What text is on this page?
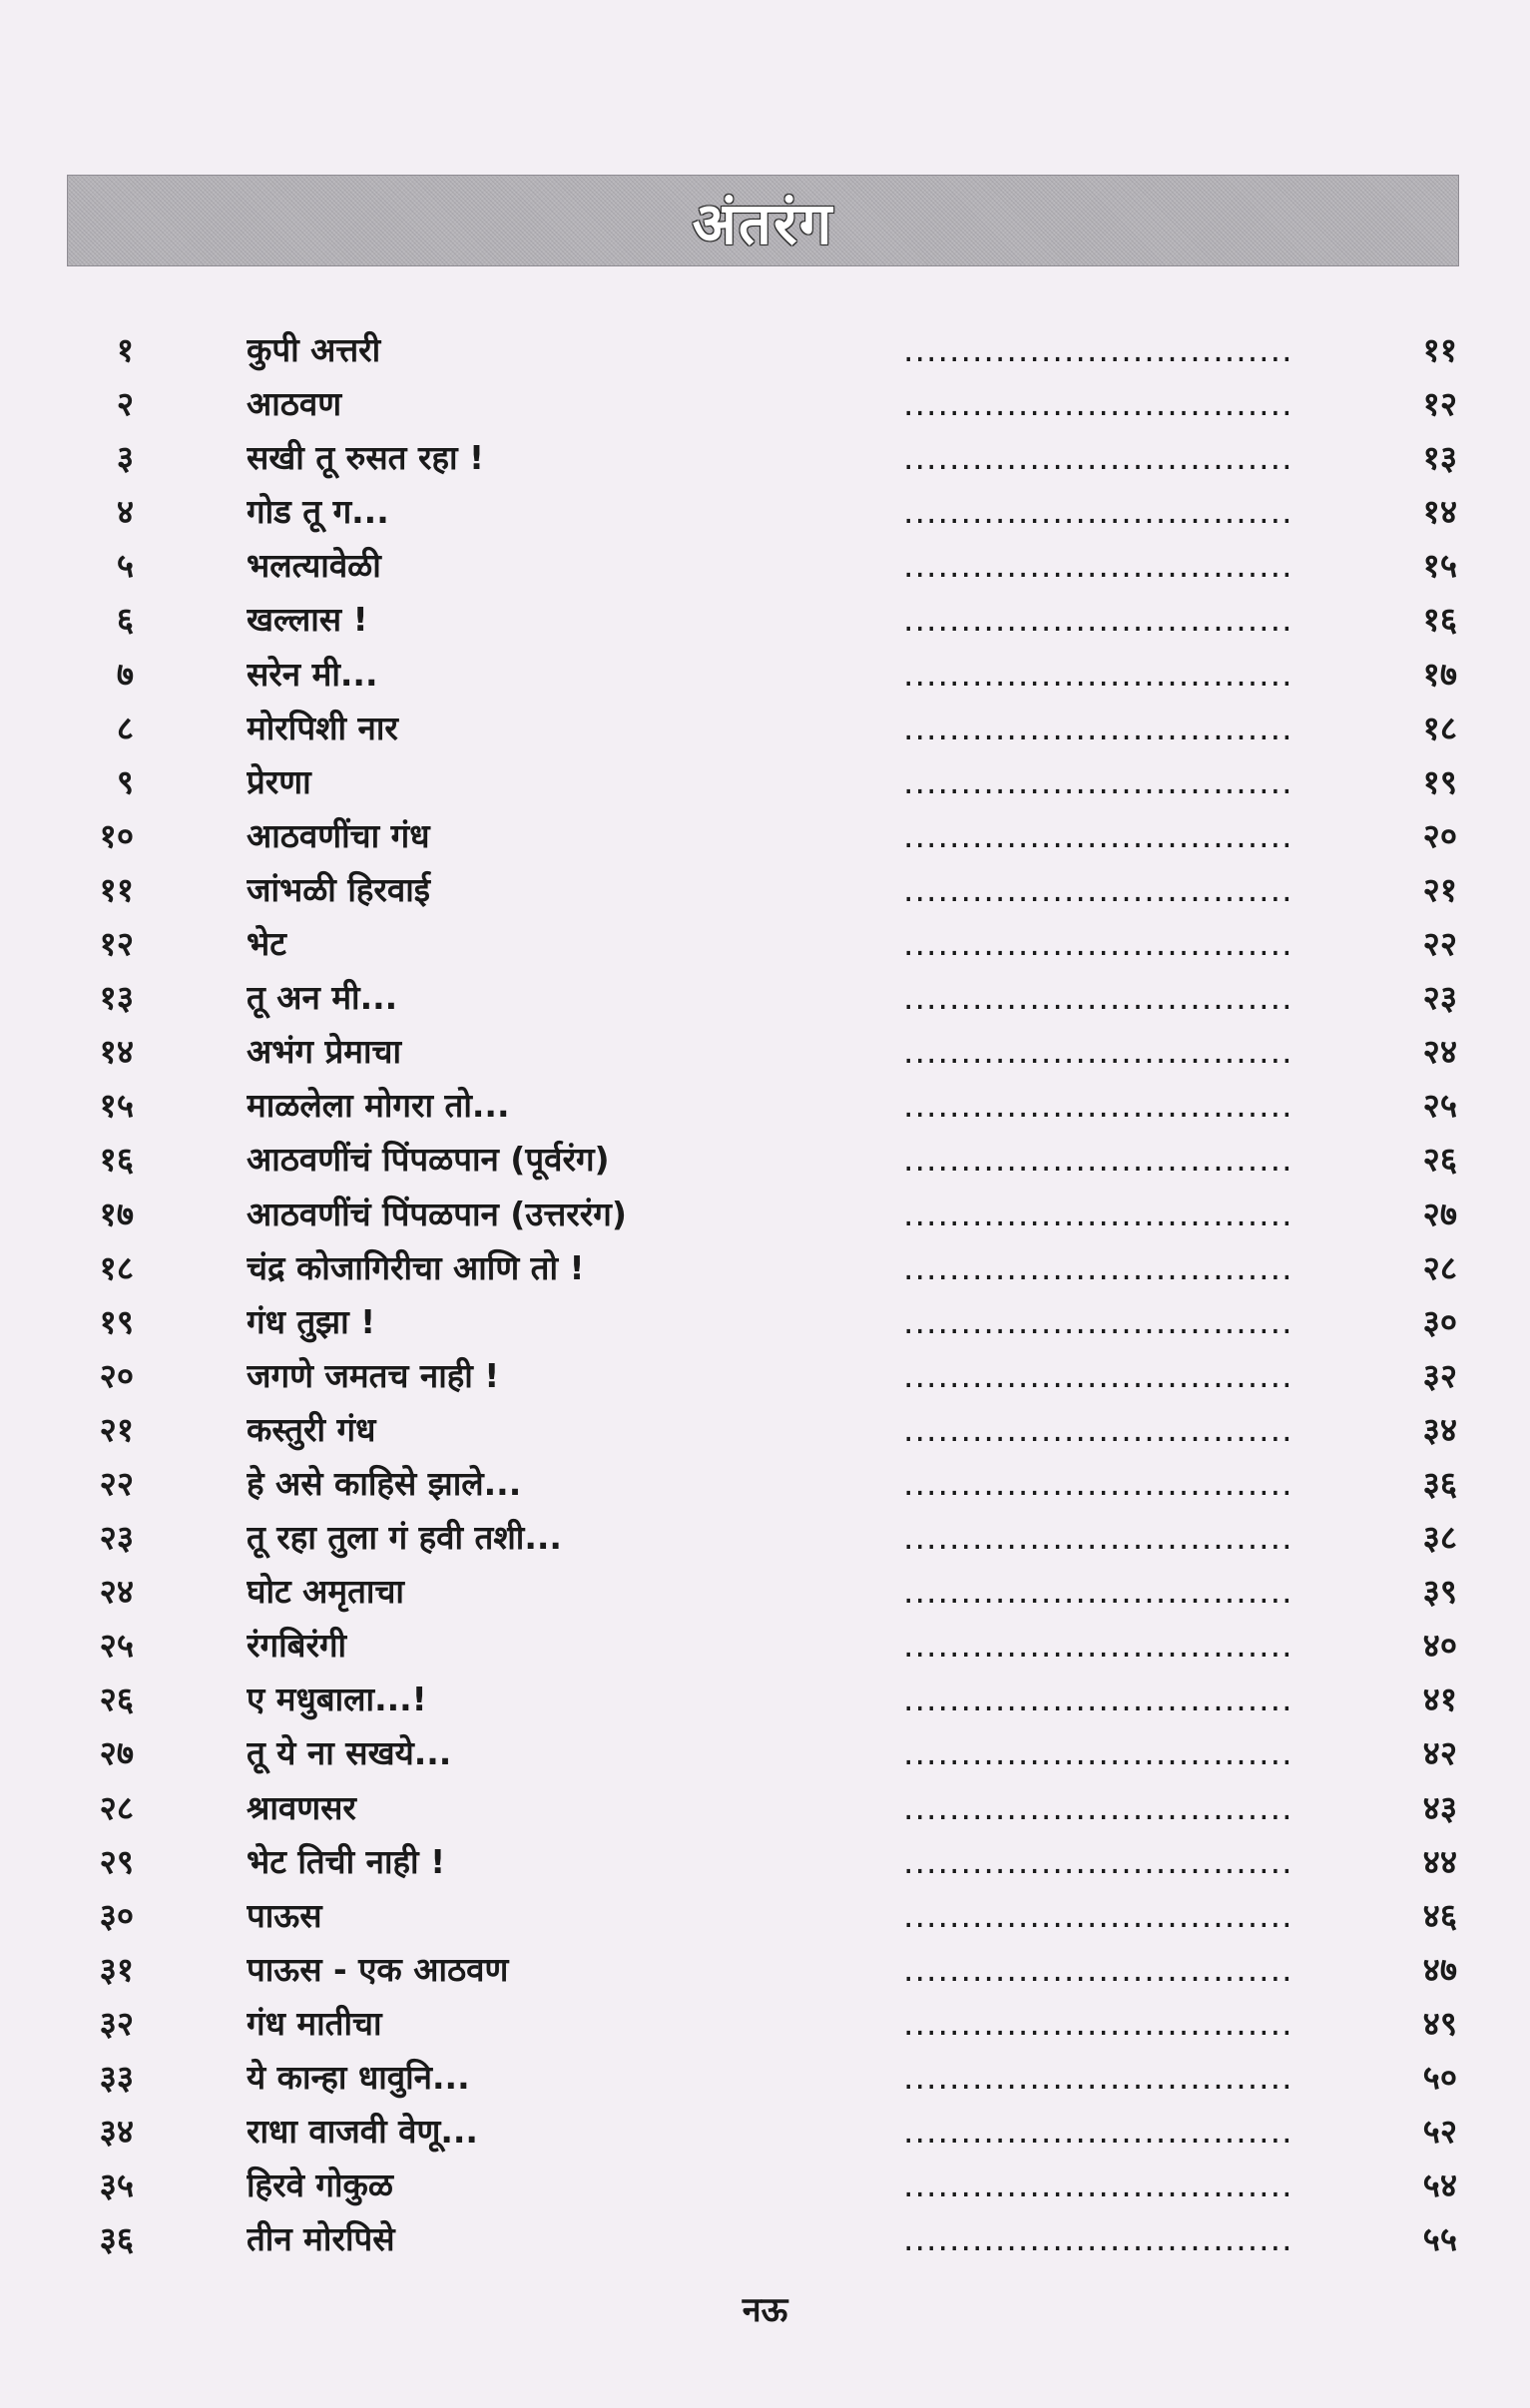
अंतरंग
१	कुपी अत्तरी	..................................	११
२	आठवण	..................................	१२
३	सखी तू रुसत रहा !	..................................	१३
४	गोड तू ग...	..................................	१४
५	भलत्यावेळी	..................................	१५
६	खल्लास !	..................................	१६
७	सरेन मी...	..................................	१७
८	मोरपिशी नार	..................................	१८
९	प्रेरणा	..................................	१९
१०	आठवणींचा गंध	..................................	२०
११	जांभळी हिरवाई	..................................	२१
१२	भेट	..................................	२२
१३	तू अन मी...	..................................	२३
१४	अभंग प्रेमाचा	..................................	२४
१५	माळलेला मोगरा तो...	..................................	२५
१६	आठवणींचं पिंपळपान (पूर्वरंग)	..................................	२६
१७	आठवणींचं पिंपळपान (उत्तररंग)	..................................	२७
१८	चंद्र कोजागिरीचा आणि तो !	..................................	२८
१९	गंध तुझा !	..................................	३०
२०	जगणे जमतच नाही !	..................................	३२
२१	कस्तुरी गंध	..................................	३४
२२	हे असे काहिसे झाले...	..................................	३६
२३	तू रहा तुला गं हवी तशी...	..................................	३८
२४	घोट अमृताचा	..................................	३९
२५	रंगबिरंगी	..................................	४०
२६	ए मधुबाला...!	..................................	४१
२७	तू ये ना सखये...	..................................	४२
२८	श्रावणसर	..................................	४३
२९	भेट तिची नाही !	..................................	४४
३०	पाऊस	..................................	४६
३१	पाऊस - एक आठवण	..................................	४७
३२	गंध मातीचा	..................................	४९
३३	ये कान्हा धावुनि...	..................................	५०
३४	राधा वाजवी वेणू...	..................................	५२
३५	हिरवे गोकुळ	..................................	५४
३६	तीन मोरपिसे	..................................	५५
नऊ
